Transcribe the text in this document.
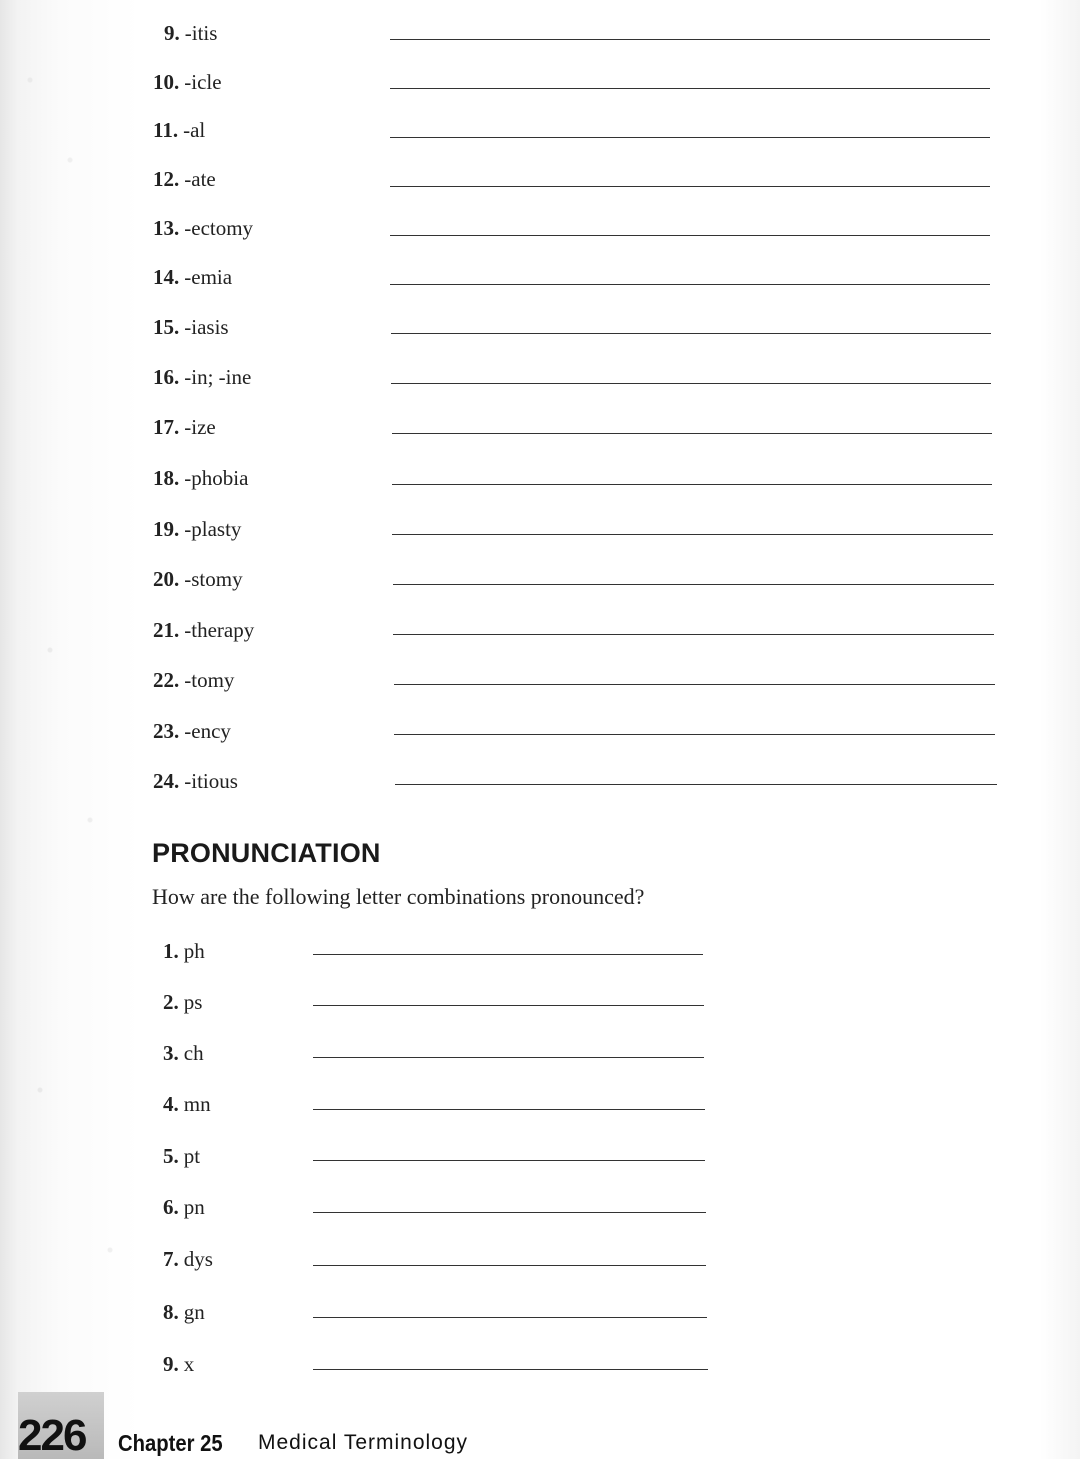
9. -itis
10. -icle
11. -al
12. -ate
13. -ectomy
14. -emia
15. -iasis
16. -in; -ine
17. -ize
18. -phobia
19. -plasty
20. -stomy
21. -therapy
22. -tomy
23. -ency
24. -itious
PRONUNCIATION
How are the following letter combinations pronounced?
1. ph
2. ps
3. ch
4. mn
5. pt
6. pn
7. dys
8. gn
9. x
226 Chapter 25 Medical Terminology
